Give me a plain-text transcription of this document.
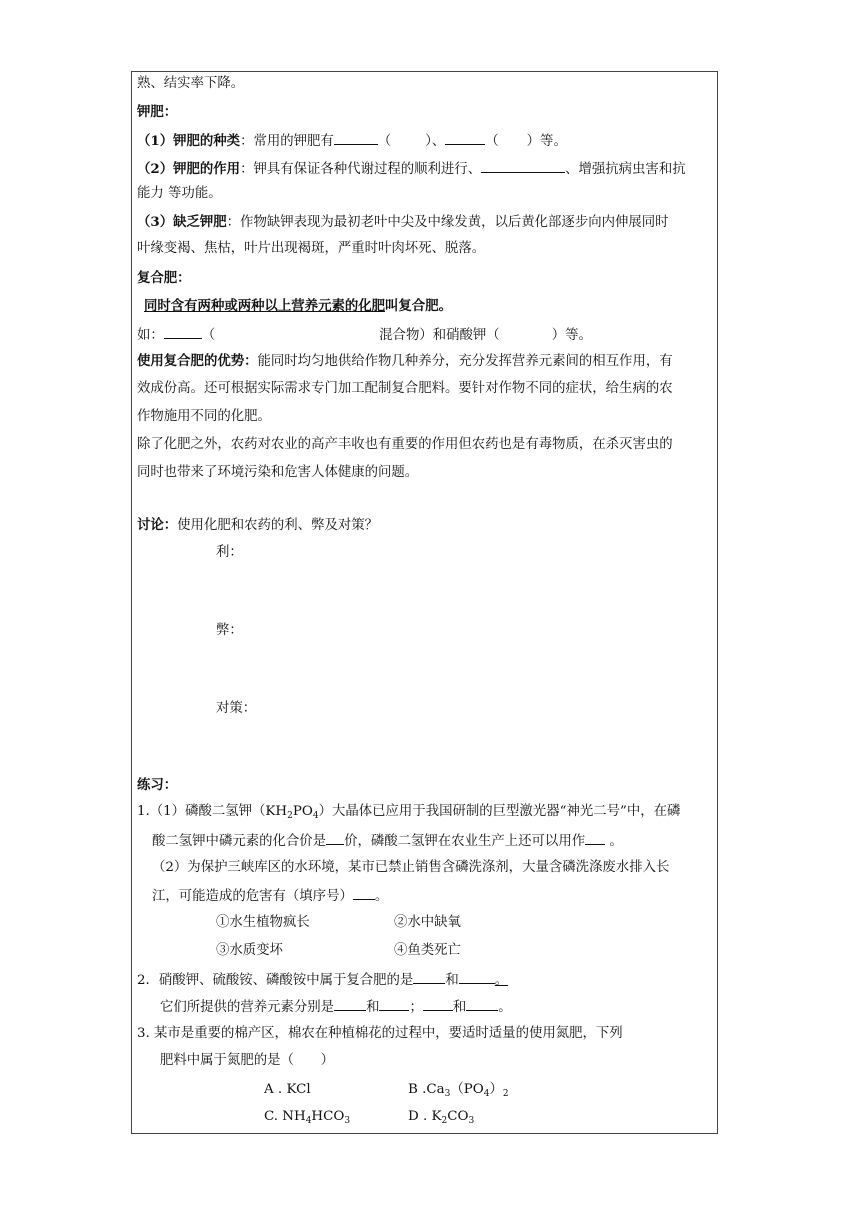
熟、结实率下降。
钾肥：
（1）钾肥的种类：常用的钾肥有	（	）、	（ ）等。
（2）钾肥的作用：钾具有保证各种代谢过程的顺利进行、	、增强抗病虫害和抗
能力 等功能。
（3）缺乏钾肥：作物缺钾表现为最初老叶中尖及中缘发黄，以后黄化部逐步向内伸展同时
叶缘变褐、焦枯，叶片出现褐斑，严重时叶肉坏死、脱落。
复合肥：
同时含有两种或两种以上营养元素的化肥叫复合肥。
如：	（	混合物）和硝酸钾（	）等。
使用复合肥的优势：能同时均匀地供给作物几种养分，充分发挥营养元素间的相互作用，有
效成份高。还可根据实际需求专门加工配制复合肥料。要针对作物不同的症状，给生病的农
作物施用不同的化肥。
除了化肥之外，农药对农业的高产丰收也有重要的作用但农药也是有毒物质，在杀灭害虫的
同时也带来了环境污染和危害人体健康的问题。
讨论：使用化肥和农药的利、弊及对策？
利：
弊：
对策：
练习：
1.（1）磷酸二氢钾$(KH_2PO_4)$大晶体已应用于我国研制的巨型激光器“神光二号”中，在磷
酸二氢钾中磷元素的化合价是 价，磷酸二氢钾在农业生产上还可以用作 。
（2）为保护三峡库区的水环境，某市已禁止销售含磷洗涤剂，大量含磷洗涤废水排入长
江，可能造成的危害有（填序号） 。
①水生植物疯长	②水中缺氧
③水质变坏	④鱼类死亡
2．硝酸钾、硫酸铵、磷酸铵中属于复合肥的是 和	。
它们所提供的营养元素分别是 和 ； 和 。
3. 某市是重要的棉产区，棉农在种植棉花的过程中，要适时适量的使用氮肥，下列
肥料中属于氮肥的是（　　）
A . KCl	B $.Ca_3(PO_4)_2$
C. $NH_4HCO_3$	D . $K_2CO_3$
